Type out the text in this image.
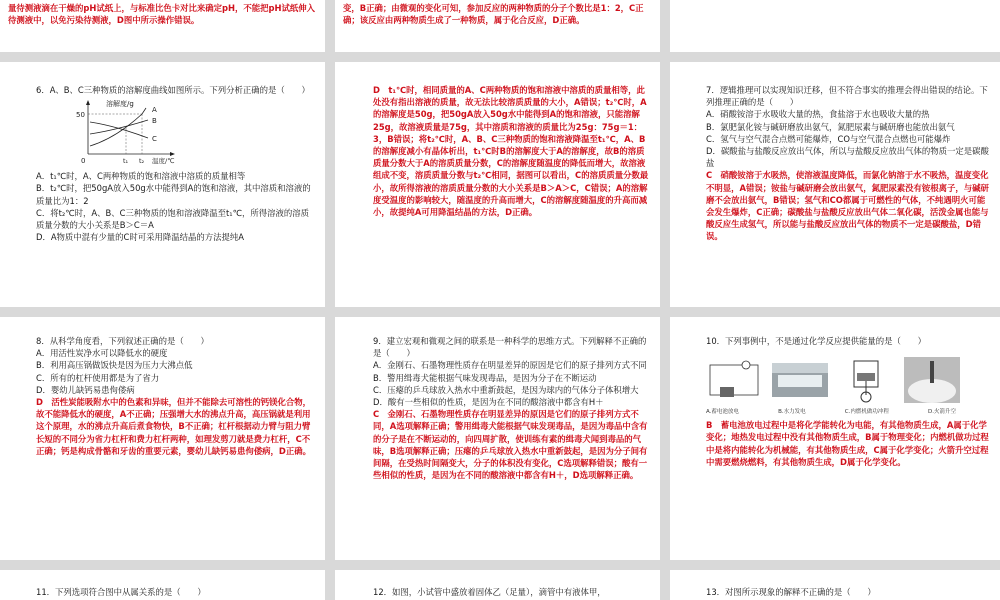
量待测液滴在干燥的pH试纸上，与标准比色卡对比来确定pH，不能把pH试纸伸入待测液中，以免污染待测液，D图中所示操作错误。

变，B正确；由微观的变化可知，参加反应的两种物质的分子个数比是1：2，C正确；该反应由两种物质生成了一种物质，属于化合反应，D正确。

6．A、B、C三种物质的溶解度曲线如图所示。下列分析正确的是（　　）

溶解度/g
50
A
B
C
0	t₁ t₂ 温度/℃

A．t₁℃时，A、C两种物质的饱和溶液中溶质的质量相等

B．t₂℃时，把50gA放入50g水中能得到A的饱和溶液，其中溶质和溶液的质量比为1：2

C．将t₂℃时，A、B、C三种物质的饱和溶液降温至t₁℃，所得溶液的溶质质量分数的大小关系是B＞C＝A

D．A物质中混有少量的C时可采用降温结晶的方法提纯A

D　t₁℃时，相同质量的A、C两种物质的饱和溶液中溶质的质量相等，此处没有指出溶液的质量，故无法比较溶质质量的大小，A错误；t₂℃时，A的溶解度是50g，把50gA放入50g水中能得到A的饱和溶液，只能溶解25g，故溶液质量是75g，其中溶质和溶液的质量比为25g：75g＝1：3，B错误；将t₂℃时，A、B、C三种物质的饱和溶液降温至t₁℃，A、B的溶解度减小有晶体析出，t₁℃时B的溶解度大于A的溶解度，故B的溶质质量分数大于A的溶质质量分数，C的溶解度随温度的降低而增大，故溶液组成不变，溶质质量分数与t₂℃相同，据图可以看出，C的溶质质量分数最小，故所得溶液的溶质质量分数的大小关系是B＞A＞C，C错误；A的溶解度受温度的影响较大，随温度的升高而增大，C的溶解度随温度的升高而减小，故提纯A可用降温结晶的方法，D正确。

7．逻辑推理可以实现知识迁移，但不符合事实的推理会得出错误的结论。下列推理正确的是（　　）

A．硝酸铵溶于水吸收大量的热，食盐溶于水也吸收大量的热
B．氯肥氯化铵与碱研磨放出氨气，氮肥尿素与碱研磨也能放出氨气
C．氢气与空气混合点燃可能爆炸，CO与空气混合点燃也可能爆炸
D．碳酸盐与盐酸反应放出气体，所以与盐酸反应放出气体的物质一定是碳酸盐

C　硝酸铵溶于水吸热，使溶液温度降低，而氯化钠溶于水不吸热，温度变化不明显，A错误；铵盐与碱研磨会放出氨气，氮肥尿素没有铵根离子，与碱研磨不会放出氨气，B错误；氢气和CO都属于可燃性的气体，不纯遇明火可能会发生爆炸，C正确；碳酸盐与盐酸反应放出气体二氧化碳，活泼金属也能与酸反应生成氢气，所以能与盐酸反应放出气体的物质不一定是碳酸盐，D错误。

8．从科学角度看，下列叙述正确的是（　　）

A．用活性炭净水可以降低水的硬度
B．利用高压锅做饭快是因为压力大沸点低
C．所有的杠杆使用都是为了省力
D．婴幼儿缺钙易患佝偻病

D　活性炭能吸附水中的色素和异味，但并不能除去可溶性的钙镁化合物，故不能降低水的硬度，A不正确；压强增大水的沸点升高，高压锅就是利用这个原理，水的沸点升高后煮食物快，B不正确；杠杆根据动力臂与阻力臂长短的不同分为省力杠杆和费力杠杆两种，如理发剪刀就是费力杠杆，C不正确；钙是构成骨骼和牙齿的重要元素，婴幼儿缺钙易患佝偻病，D正确。

9．建立宏观和微观之间的联系是一种科学的思维方式。下列解释不正确的是（　　）

A．金刚石、石墨物理性质存在明显差异的原因是它们的原子排列方式不同
B．警用缉毒犬能根据气味发现毒品，是因为分子在不断运动
C．压瘪的乒乓球放入热水中重新鼓起，是因为球内的气体分子体积增大
D．酸有一些相似的性质，是因为在不同的酸溶液中都含有H＋

C　金刚石、石墨物理性质存在明显差异的原因是它们的原子排列方式不同，A选项解释正确；警用缉毒犬能根据气味发现毒品，是因为毒品中含有的分子是在不断运动的，向四周扩散，使训练有素的缉毒犬闻到毒品的气味，B选项解释正确；压瘪的乒乓球放入热水中重新鼓起，是因为分子间有间隔，在受热时间隔变大，分子的体积没有变化，C选项解释错误；酸有一些相似的性质，是因为在不同的酸溶液中都含有H＋，D选项解释正确。

10．下列事例中，不是通过化学反应提供能量的是（　　）

A.蓄电池放电	B.水力发电	C.内燃机做功冲程	D.火箭升空

B　蓄电池放电过程中是将化学能转化为电能，有其他物质生成，A属于化学变化；地热发电过程中没有其他物质生成，B属于物理变化；内燃机做功过程中是将内能转化为机械能，有其他物质生成，C属于化学变化；火箭升空过程中需要燃烧燃料，有其他物质生成，D属于化学变化。

11．下列选项符合图中从属关系的是（　　）	12．如图，小试管中盛放着固体乙（足量），滴管中有液体甲，	13．对图所示现象的解释不正确的是（　　）
